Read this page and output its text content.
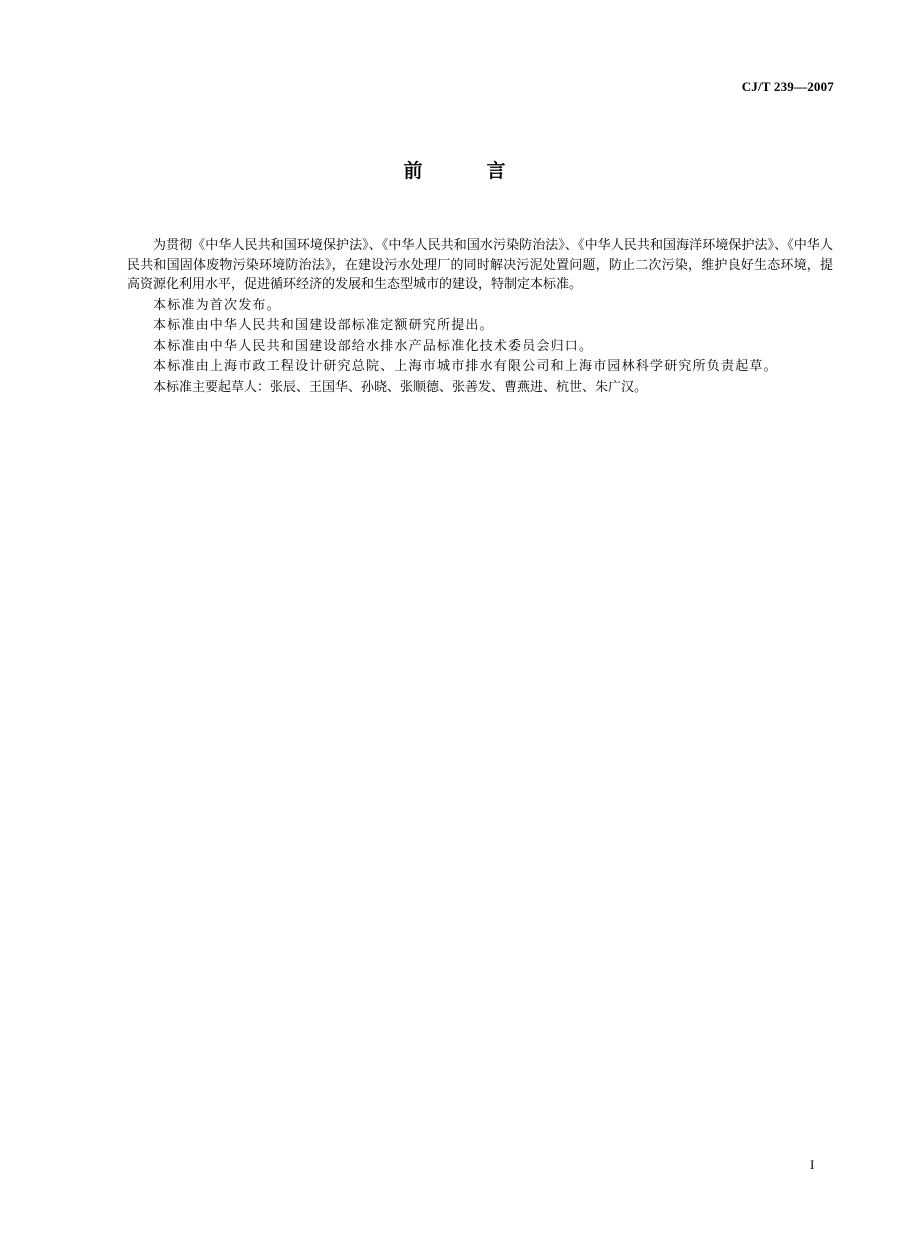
CJ/T 239—2007
前	言

为贯彻《中华人民共和国环境保护法》、《中华人民共和国水污染防治法》、《中华人民共和国海洋环境保护法》、《中华人民共和国固体废物污染环境防治法》，在建设污水处理厂的同时解决污泥处置问题，防止二次污染，维护良好生态环境，提高资源化利用水平，促进循环经济的发展和生态型城市的建设，特制定本标准。

本标准为首次发布。

本标准由中华人民共和国建设部标准定额研究所提出。

本标准由中华人民共和国建设部给水排水产品标准化技术委员会归口。

本标准由上海市政工程设计研究总院、上海市城市排水有限公司和上海市园林科学研究所负责起草。

本标准主要起草人：张辰、王国华、孙晓、张顺德、张善发、曹燕进、杭世、朱广汉。

I
